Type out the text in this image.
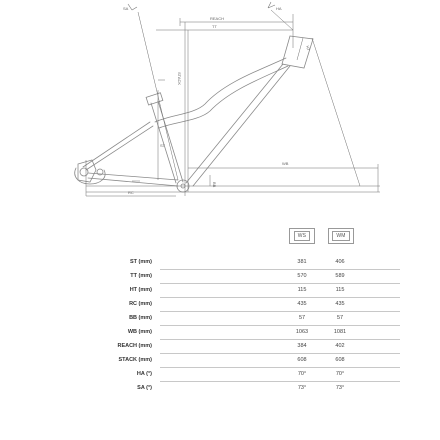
REACH
TT
STACK
ST
HT
WB
RC
BB
SA	HA
WS	WM
ST (mm)	381	406
TT (mm)	570	589
HT (mm)	115	115
RC (mm)	435	435
BB (mm)	57	57
WB (mm)	1063	1081
REACH (mm)	384	402
STACK (mm)	608	608
HA (°)	70°	70°
SA (°)	73°	73°
